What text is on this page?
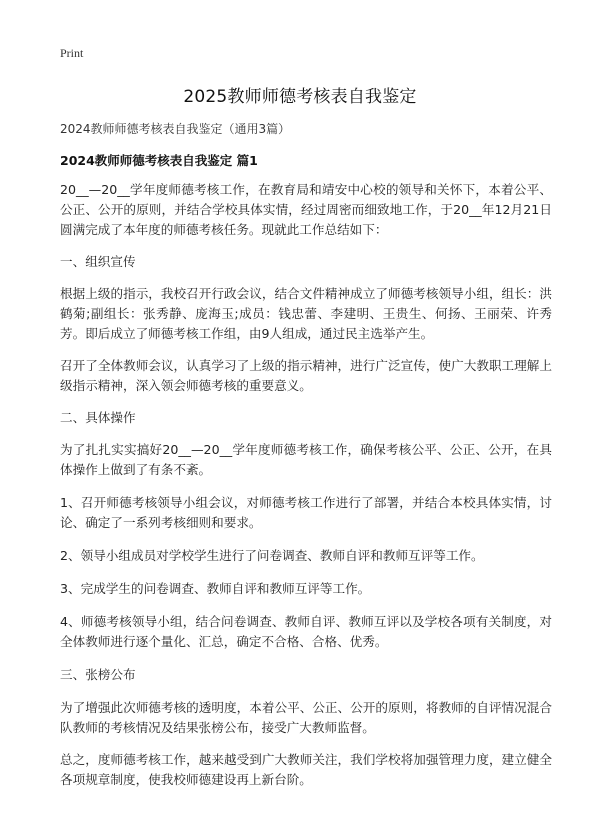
Print
2025教师师德考核表自我鉴定
2024教师师德考核表自我鉴定（通用3篇）
2024教师师德考核表自我鉴定 篇1

20__—20__学年度师德考核工作，在教育局和靖安中心校的领导和关怀下，本着公平、公正、公开的原则，并结合学校具体实情，经过周密而细致地工作，于20__年12月21日圆满完成了本年度的师德考核任务。现就此工作总结如下：

一、组织宣传

根据上级的指示，我校召开行政会议，结合文件精神成立了师德考核领导小组，组长：洪鹤菊;副组长：张秀静、庞海玉;成员：钱忠蕾、李建明、王贵生、何扬、王丽荣、许秀芳。即后成立了师德考核工作组，由9人组成，通过民主选举产生。

召开了全体教师会议，认真学习了上级的指示精神，进行广泛宣传，使广大教职工理解上级指示精神，深入领会师德考核的重要意义。

二、具体操作

为了扎扎实实搞好20__—20__学年度师德考核工作，确保考核公平、公正、公开，在具体操作上做到了有条不紊。

1、召开师德考核领导小组会议，对师德考核工作进行了部署，并结合本校具体实情，讨论、确定了一系列考核细则和要求。

2、领导小组成员对学校学生进行了问卷调查、教师自评和教师互评等工作。

3、完成学生的问卷调查、教师自评和教师互评等工作。

4、师德考核领导小组，结合问卷调查、教师自评、教师互评以及学校各项有关制度，对全体教师进行逐个量化、汇总，确定不合格、合格、优秀。

三、张榜公布

为了增强此次师德考核的透明度，本着公平、公正、公开的原则，将教师的自评情况混合队教师的考核情况及结果张榜公布，接受广大教师监督。

总之，度师德考核工作，越来越受到广大教师关注，我们学校将加强管理力度，建立健全各项规章制度，使我校师德建设再上新台阶。
